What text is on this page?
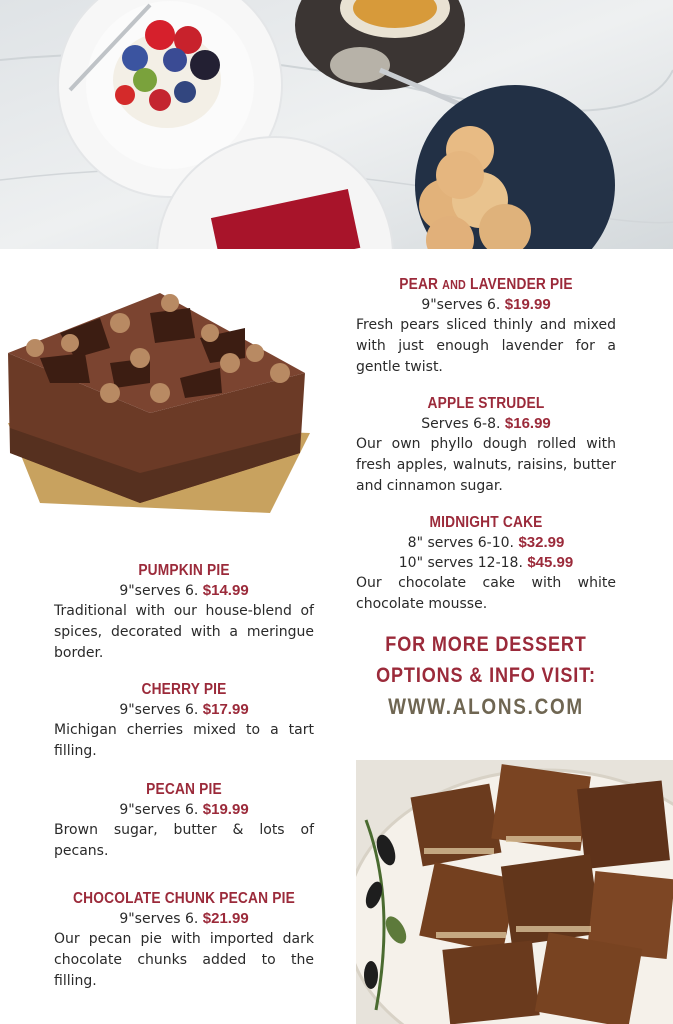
PUMPKIN PIE
9"serves 6. $14.99
Traditional with our house-blend of spices, decorated with a meringue border.
CHERRY PIE
9"serves 6. $17.99
Michigan cherries mixed to a tart filling.
PECAN PIE
9"serves 6. $19.99
Brown sugar, butter & lots of pecans.
CHOCOLATE CHUNK PECAN PIE
9"serves 6. $21.99
Our pecan pie with imported dark chocolate chunks added to the filling.
PEAR AND LAVENDER PIE
9"serves 6. $19.99
Fresh pears sliced thinly and mixed with just enough lavender for a gentle twist.
APPLE STRUDEL
Serves 6-8. $16.99
Our own phyllo dough rolled with fresh apples, walnuts, raisins, butter and cinnamon sugar.
MIDNIGHT CAKE
8" serves 6-10. $32.99
10" serves 12-18. $45.99
Our chocolate cake with white chocolate mousse.
FOR MORE DESSERT
OPTIONS & INFO VISIT:
WWW.ALONS.COM
